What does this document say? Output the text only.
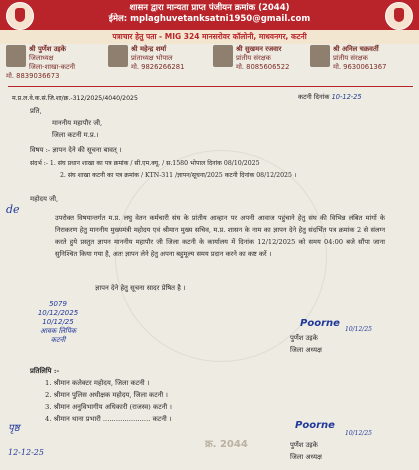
शासन द्वारा मान्यता प्राप्त पंजीयन क्रमांक (2044)
ईमेल: mplaghuvetanksatni1950@gmail.com
पत्राचार हेतु पता - MIG 324 मानसरोवर कॉलोनी, माधवनगर, कटनी
श्री पुर्णेश उइके
जिलाध्यक्ष
जिला-शाखा-कटनी
मो. 8839036673
श्री महेन्द्र शर्मा
प्रांताध्यक्ष भोपाल
मो. 9826266281
श्री सुखमन रजवार
प्रांतीय संरक्षक
मो. 8085606522
श्री अनिल चक्रवर्ती
प्रांतीय संरक्षक
मो. 9630061367
म.प्र.ल.वे.क.सं.जि.शा/क्र.-312/2025/4040/2025	कटनी दिनांक 10-12-25
प्रति,
माननीय महापौर जी,
जिला कटनी म.प्र.।
विषय :- ज्ञापन देने की सूचना बावत् ।
संदर्भ :- 1. संघ प्रधान शाखा का पत्र क्रमांक / सी.एम.क्यू. / स.1580 भोपाल दिनांक 08/10/2025
2. संघ शाखा कटनी का पत्र क्रमांक / KTN-311 /ज्ञापन/सूचना/2025 कटनी दिनांक 08/12/2025 ।
महोदय जी,
उपरोक्त विषयान्तर्गत म.प्र. लघु वेतन कर्मचारी संघ के प्रांतीय आव्हान पर अपनी आवाज पहुंचाने हेतु संघ की विभिन्न लंबित मांगों के निराकरण हेतु माननीय मुख्यमंत्री महोदय एवं श्रीमान मुख्य सचिव, म.प्र. शासन के नाम का ज्ञापन देने हेतु संदर्भित पत्र क्रमांक 2 से संलग्न करते हुये प्रस्तुत ज्ञापन माननीय महापौर जी जिला कटनी के कार्यालय में दिनांक 12/12/2025 को समय 04:00 बजे सौंपा जाना सुनिश्चित किया गया है, अतः ज्ञापन लेने हेतु अपना बहुमूल्य समय प्रदान करने का कष्ट करें ।
ज्ञापन देने हेतु सूचना सादर प्रेषित है ।
de
5079
10/12/2025
10/12/25
आवक लिपिक
कटनी
Poorne
10/12/25
पुर्णेश उइके
जिला अध्यक्ष
प्रतिलिपि :-
1. श्रीमान कलेक्टर महोदय, जिला कटनी ।
2. श्रीमान पुलिस अधीक्षक महोदय, जिला कटनी ।
3. श्रीमान अनुविभागीय अधिकारी (राजस्व) कटनी ।
4. श्रीमान थाना प्रभारी ...................... कटनी ।
पृष्ठ
12-12-25
क्र. 2044
Poorne
10/12/25
पुर्णेश उइके
जिला अध्यक्ष
